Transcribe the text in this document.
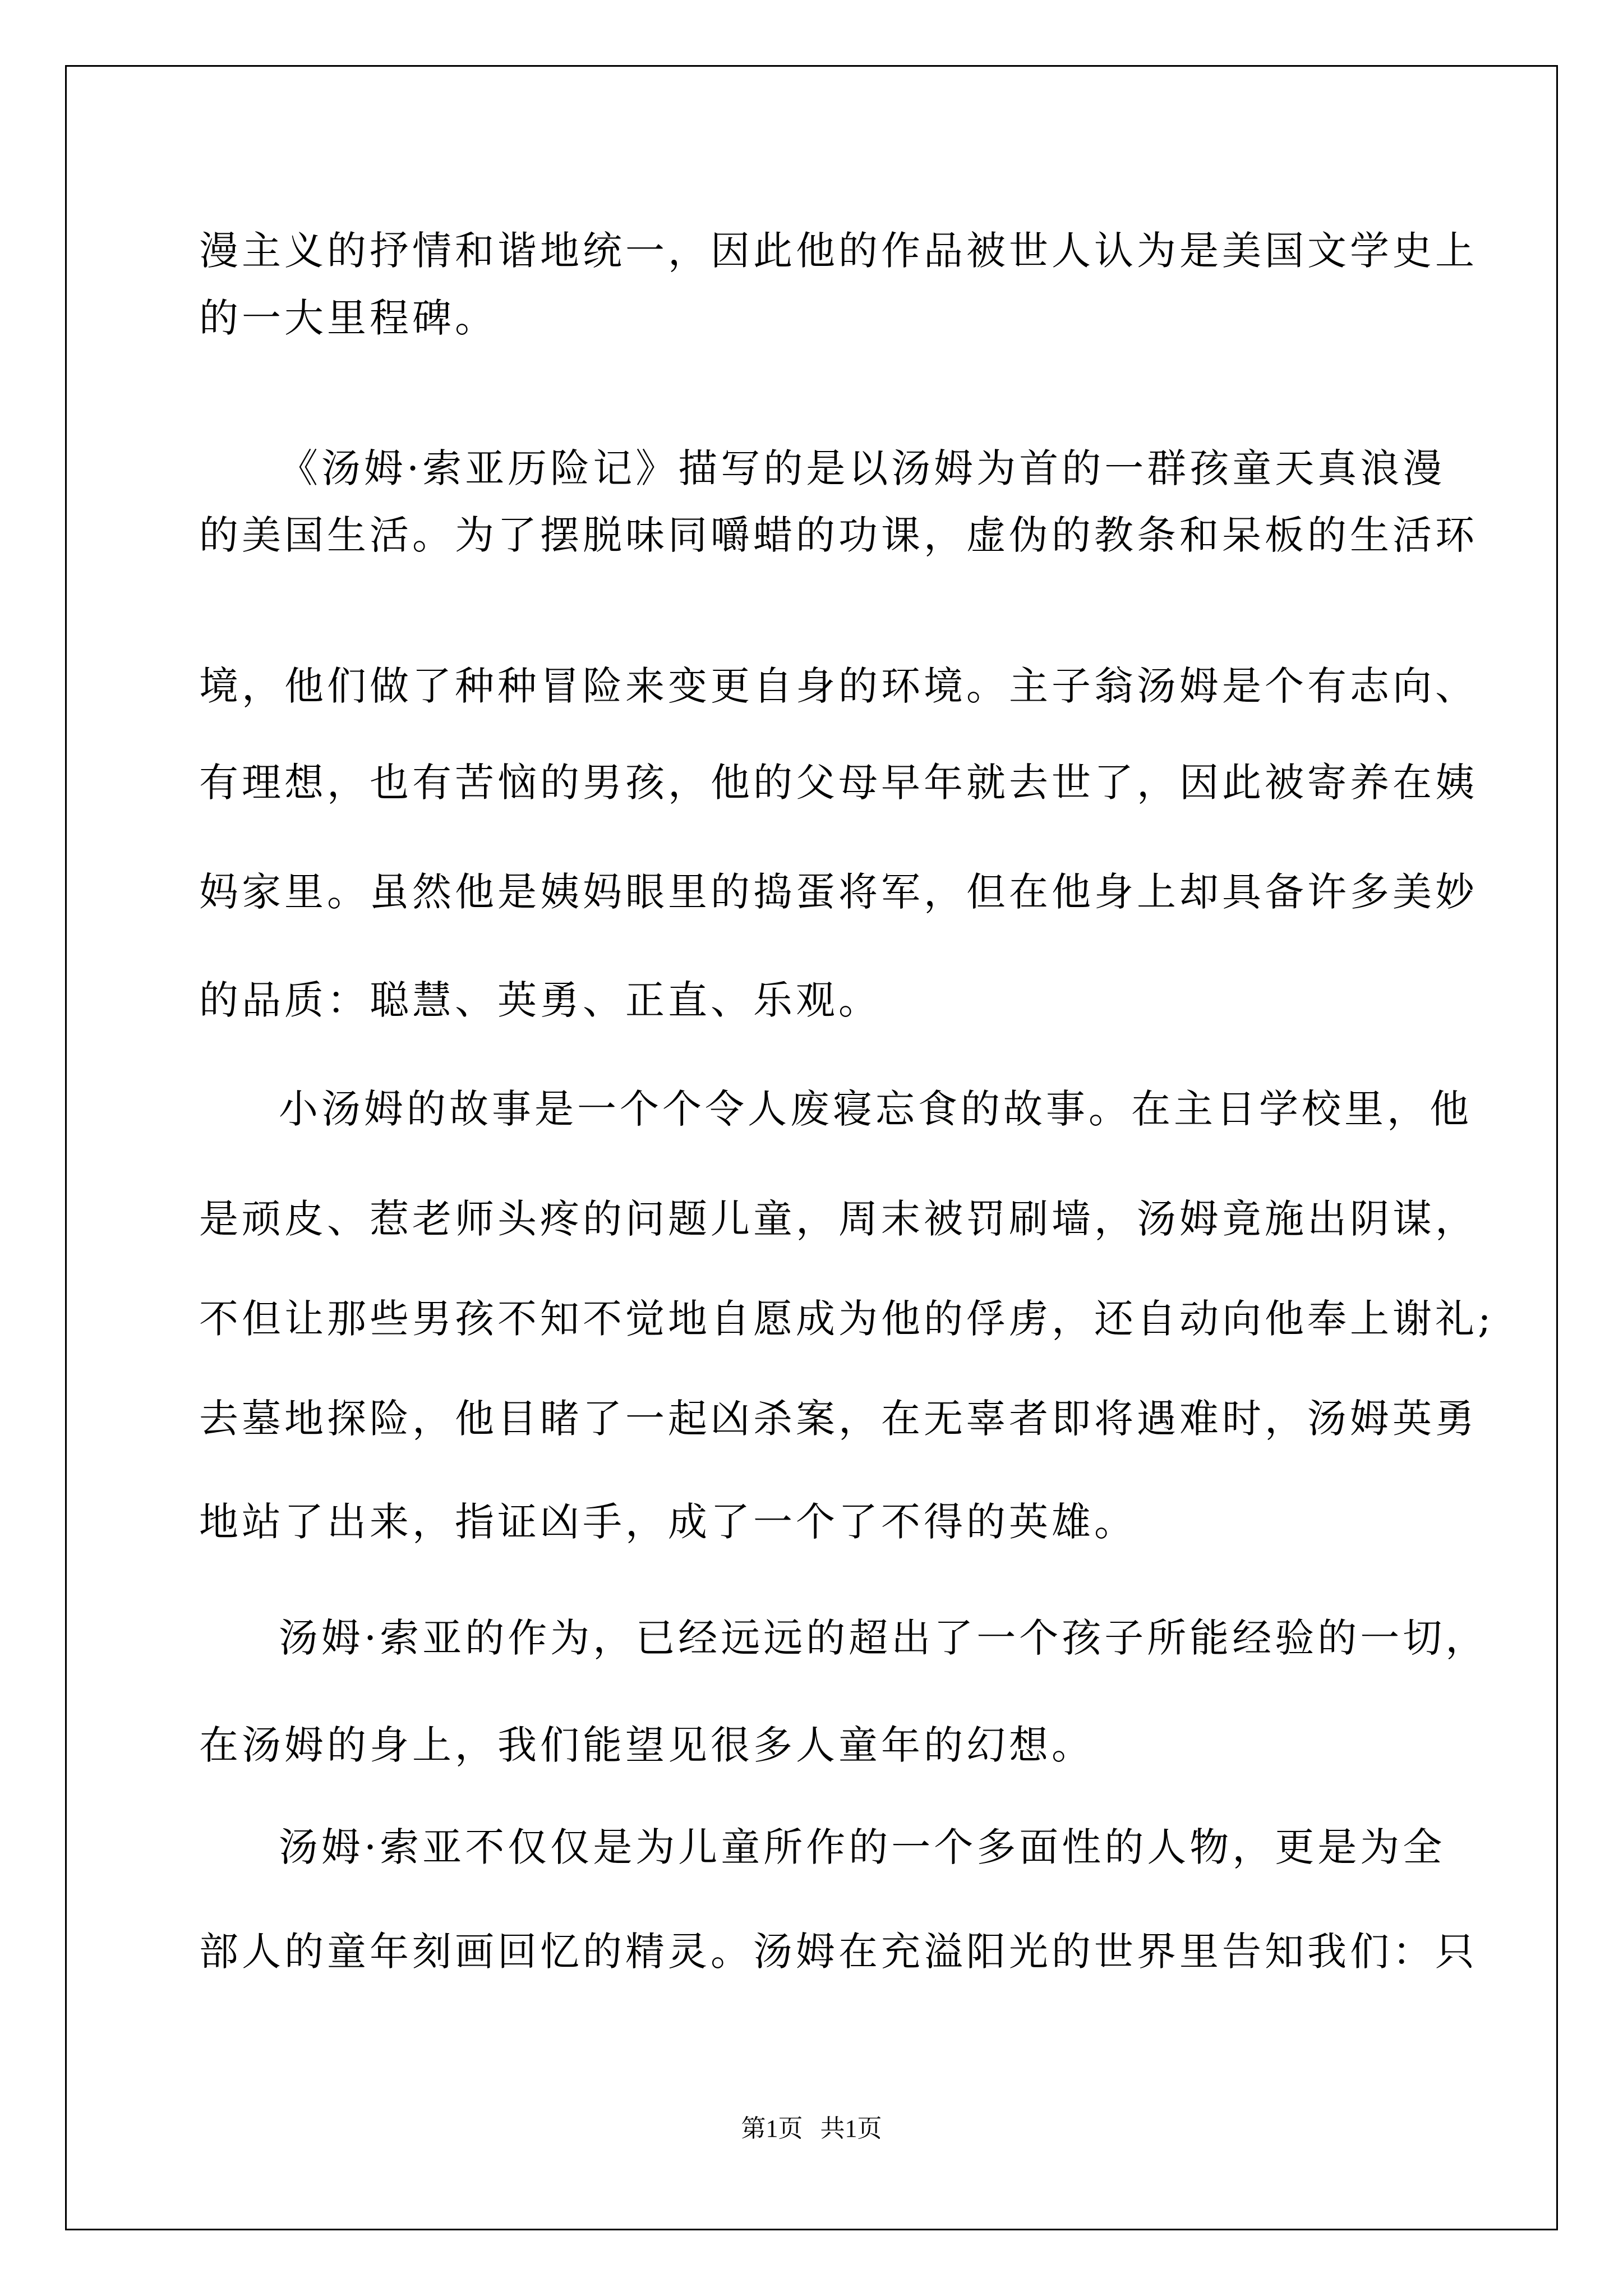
漫主义的抒情和谐地统一，因此他的作品被世人认为是美国文学史上
的一大里程碑。
《汤姆·索亚历险记》描写的是以汤姆为首的一群孩童天真浪漫
的美国生活。为了摆脱味同嚼蜡的功课，虚伪的教条和呆板的生活环
境，他们做了种种冒险来变更自身的环境。主子翁汤姆是个有志向、
有理想，也有苦恼的男孩，他的父母早年就去世了，因此被寄养在姨
妈家里。虽然他是姨妈眼里的捣蛋将军，但在他身上却具备许多美妙
的品质：聪慧、英勇、正直、乐观。
小汤姆的故事是一个个令人废寝忘食的故事。在主日学校里，他
是顽皮、惹老师头疼的问题儿童，周末被罚刷墙，汤姆竟施出阴谋，
不但让那些男孩不知不觉地自愿成为他的俘虏，还自动向他奉上谢礼;
去墓地探险，他目睹了一起凶杀案，在无辜者即将遇难时，汤姆英勇
地站了出来，指证凶手，成了一个了不得的英雄。
汤姆·索亚的作为，已经远远的超出了一个孩子所能经验的一切，
在汤姆的身上，我们能望见很多人童年的幻想。
汤姆·索亚不仅仅是为儿童所作的一个多面性的人物，更是为全
部人的童年刻画回忆的精灵。汤姆在充溢阳光的世界里告知我们：只
第1页 共1页
